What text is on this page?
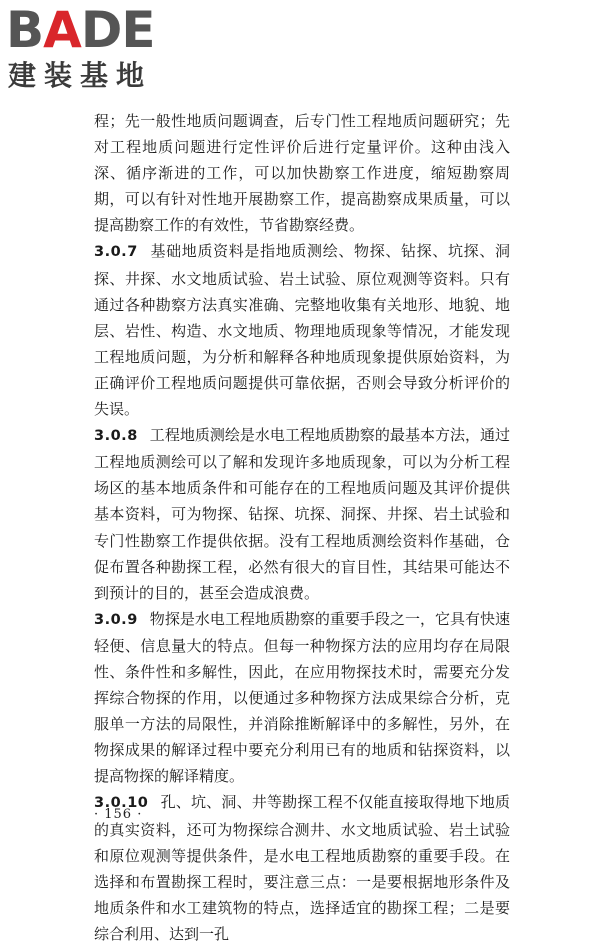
BADE
建装基地

程；先一般性地质问题调查，后专门性工程地质问题研究；先对工程地质问题进行定性评价后进行定量评价。这种由浅入深、循序渐进的工作，可以加快勘察工作进度，缩短勘察周期，可以有针对性地开展勘察工作，提高勘察成果质量，可以提高勘察工作的有效性，节省勘察经费。

3.0.7 基础地质资料是指地质测绘、物探、钻探、坑探、洞探、井探、水文地质试验、岩土试验、原位观测等资料。只有通过各种勘察方法真实准确、完整地收集有关地形、地貌、地层、岩性、构造、水文地质、物理地质现象等情况，才能发现工程地质问题，为分析和解释各种地质现象提供原始资料，为正确评价工程地质问题提供可靠依据，否则会导致分析评价的失误。

3.0.8 工程地质测绘是水电工程地质勘察的最基本方法，通过工程地质测绘可以了解和发现许多地质现象，可以为分析工程场区的基本地质条件和可能存在的工程地质问题及其评价提供基本资料，可为物探、钻探、坑探、洞探、井探、岩土试验和专门性勘察工作提供依据。没有工程地质测绘资料作基础，仓促布置各种勘探工程，必然有很大的盲目性，其结果可能达不到预计的目的，甚至会造成浪费。

3.0.9 物探是水电工程地质勘察的重要手段之一，它具有快速轻便、信息量大的特点。但每一种物探方法的应用均存在局限性、条件性和多解性，因此，在应用物探技术时，需要充分发挥综合物探的作用，以便通过多种物探方法成果综合分析，克服单一方法的局限性，并消除推断解译中的多解性，另外，在物探成果的解译过程中要充分利用已有的地质和钻探资料，以提高物探的解译精度。

3.0.10 孔、坑、洞、井等勘探工程不仅能直接取得地下地质的真实资料，还可为物探综合测井、水文地质试验、岩土试验和原位观测等提供条件，是水电工程地质勘察的重要手段。在选择和布置勘探工程时，要注意三点：一是要根据地形条件及地质条件和水工建筑物的特点，选择适宜的勘探工程；二是要综合利用、达到一孔

· 156 ·
